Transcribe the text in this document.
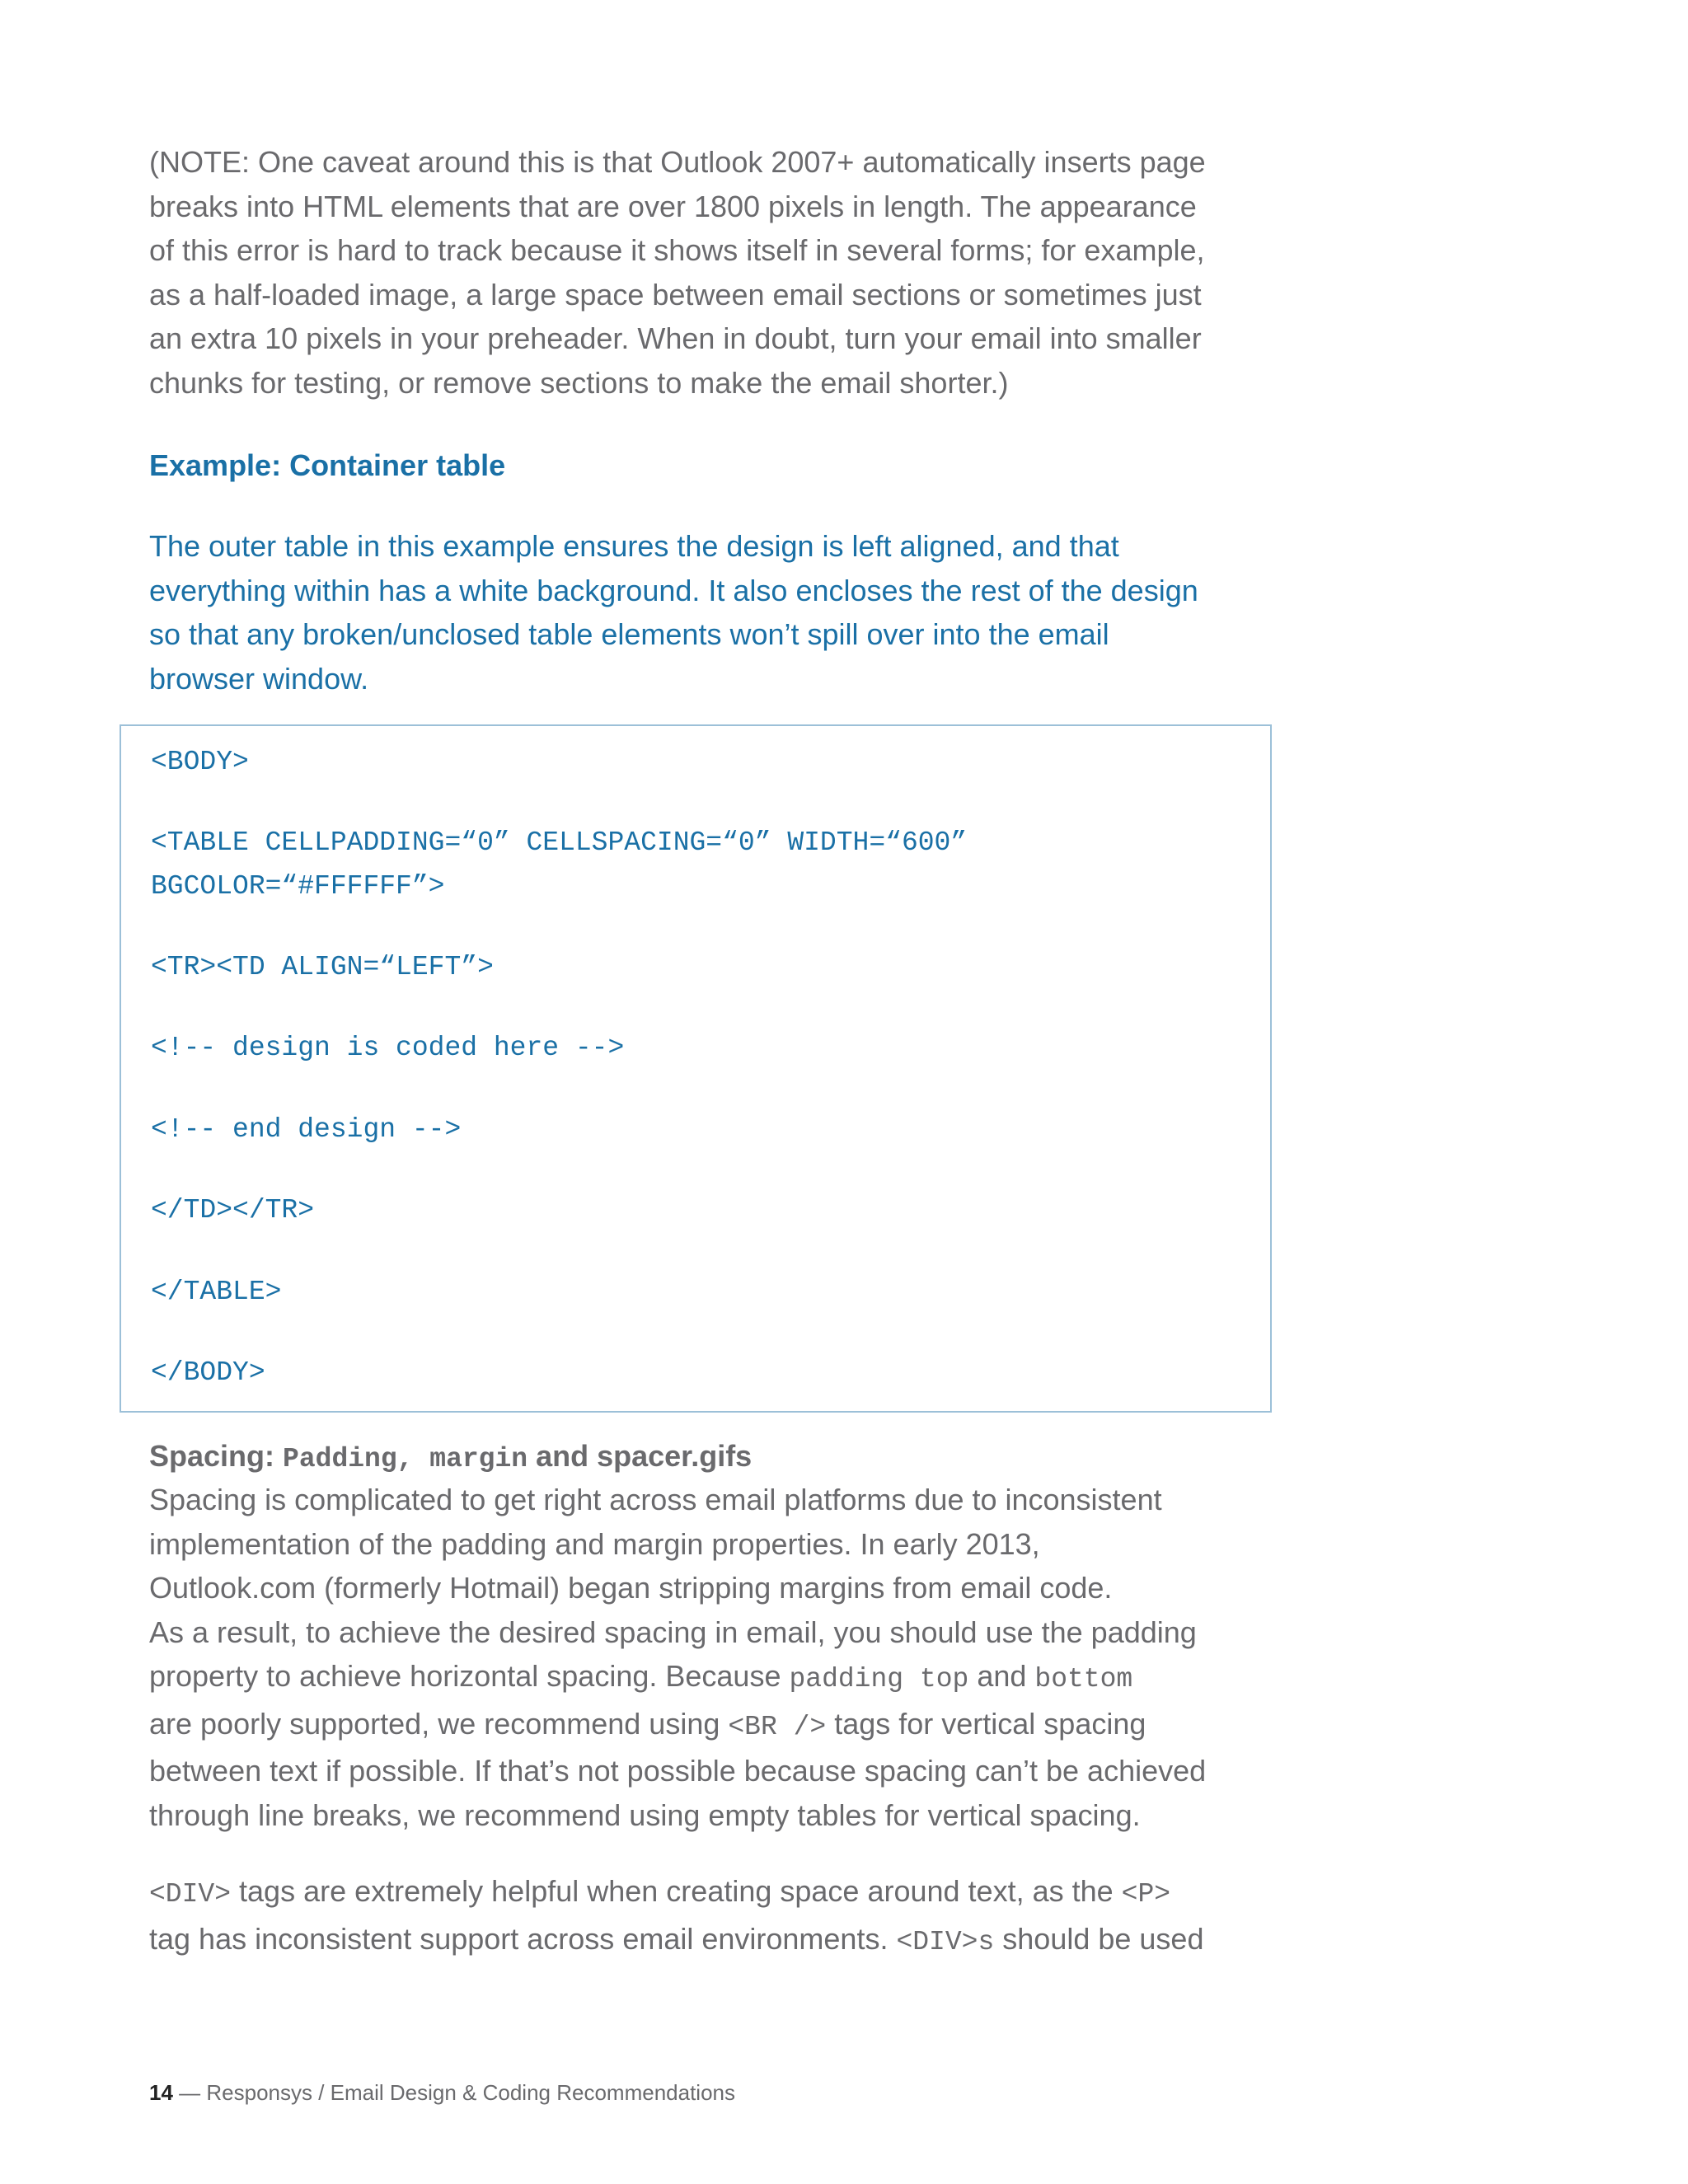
(NOTE: One caveat around this is that Outlook 2007+ automatically inserts page
breaks into HTML elements that are over 1800 pixels in length. The appearance
of this error is hard to track because it shows itself in several forms; for example,
as a half-loaded image, a large space between email sections or sometimes just
an extra 10 pixels in your preheader. When in doubt, turn your email into smaller
chunks for testing, or remove sections to make the email shorter.)

Example: Container table

The outer table in this example ensures the design is left aligned, and that
everything within has a white background. It also encloses the rest of the design
so that any broken/unclosed table elements won’t spill over into the email
browser window.

<BODY>
<TABLE CELLPADDING=“0” CELLSPACING=“0” WIDTH=“600”
BGCOLOR=“#FFFFFF”>
<TR><TD ALIGN=“LEFT”>
<!-- design is coded here -->
<!-- end design -->
</TD></TR>
</TABLE>
</BODY>
Spacing: Padding, margin and spacer.gifs

Spacing is complicated to get right across email platforms due to inconsistent
implementation of the padding and margin properties. In early 2013,
Outlook.com (formerly Hotmail) began stripping margins from email code.
As a result, to achieve the desired spacing in email, you should use the padding
property to achieve horizontal spacing. Because padding top and bottom
are poorly supported, we recommend using <BR /> tags for vertical spacing
between text if possible. If that’s not possible because spacing can’t be achieved
through line breaks, we recommend using empty tables for vertical spacing.

<DIV> tags are extremely helpful when creating space around text, as the <P>
tag has inconsistent support across email environments. <DIV>s should be used

14 — Responsys / Email Design & Coding Recommendations
